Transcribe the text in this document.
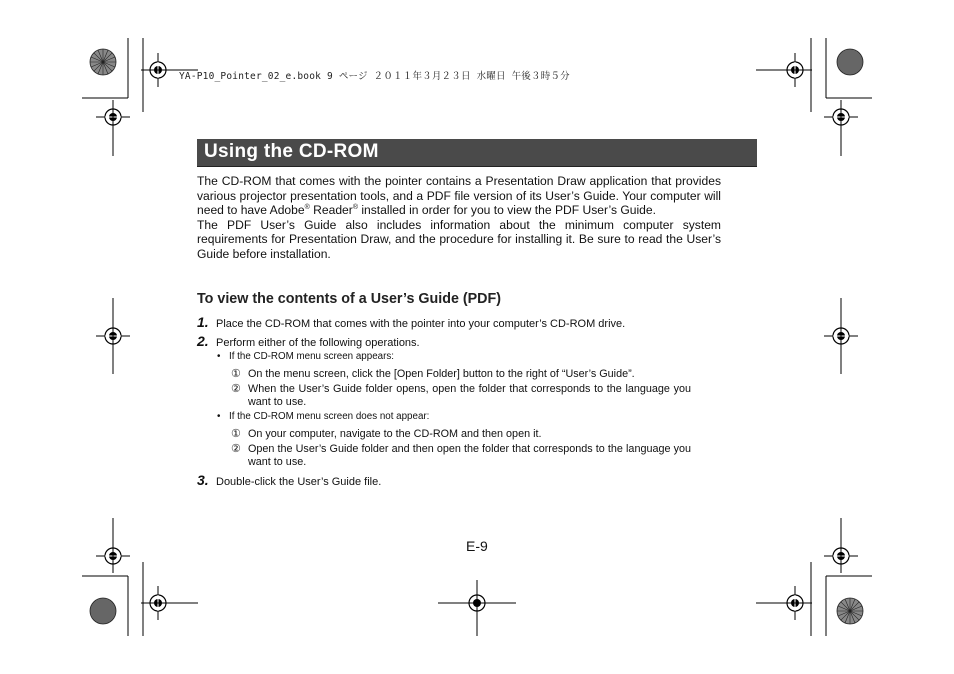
YA-P10_Pointer_02_e.book 9 ページ ２０１１年３月２３日 水曜日 午後３時５分
Using the CD-ROM

The CD-ROM that comes with the pointer contains a Presentation Draw application that provides various projector presentation tools, and a PDF file version of its User’s Guide. Your computer will need to have Adobe® Reader® installed in order for you to view the PDF User’s Guide.

The PDF User’s Guide also includes information about the minimum computer system requirements for Presentation Draw, and the procedure for installing it. Be sure to read the User’s Guide before installation.

To view the contents of a User’s Guide (PDF)
1. Place the CD-ROM that comes with the pointer into your computer’s CD-ROM drive.
2. Perform either of the following operations.
• If the CD-ROM menu screen appears:
① On the menu screen, click the [Open Folder] button to the right of “User’s Guide”.
② When the User’s Guide folder opens, open the folder that corresponds to the language you want to use.
• If the CD-ROM menu screen does not appear:
① On your computer, navigate to the CD-ROM and then open it.
② Open the User’s Guide folder and then open the folder that corresponds to the language you want to use.
3. Double-click the User’s Guide file.
E-9
